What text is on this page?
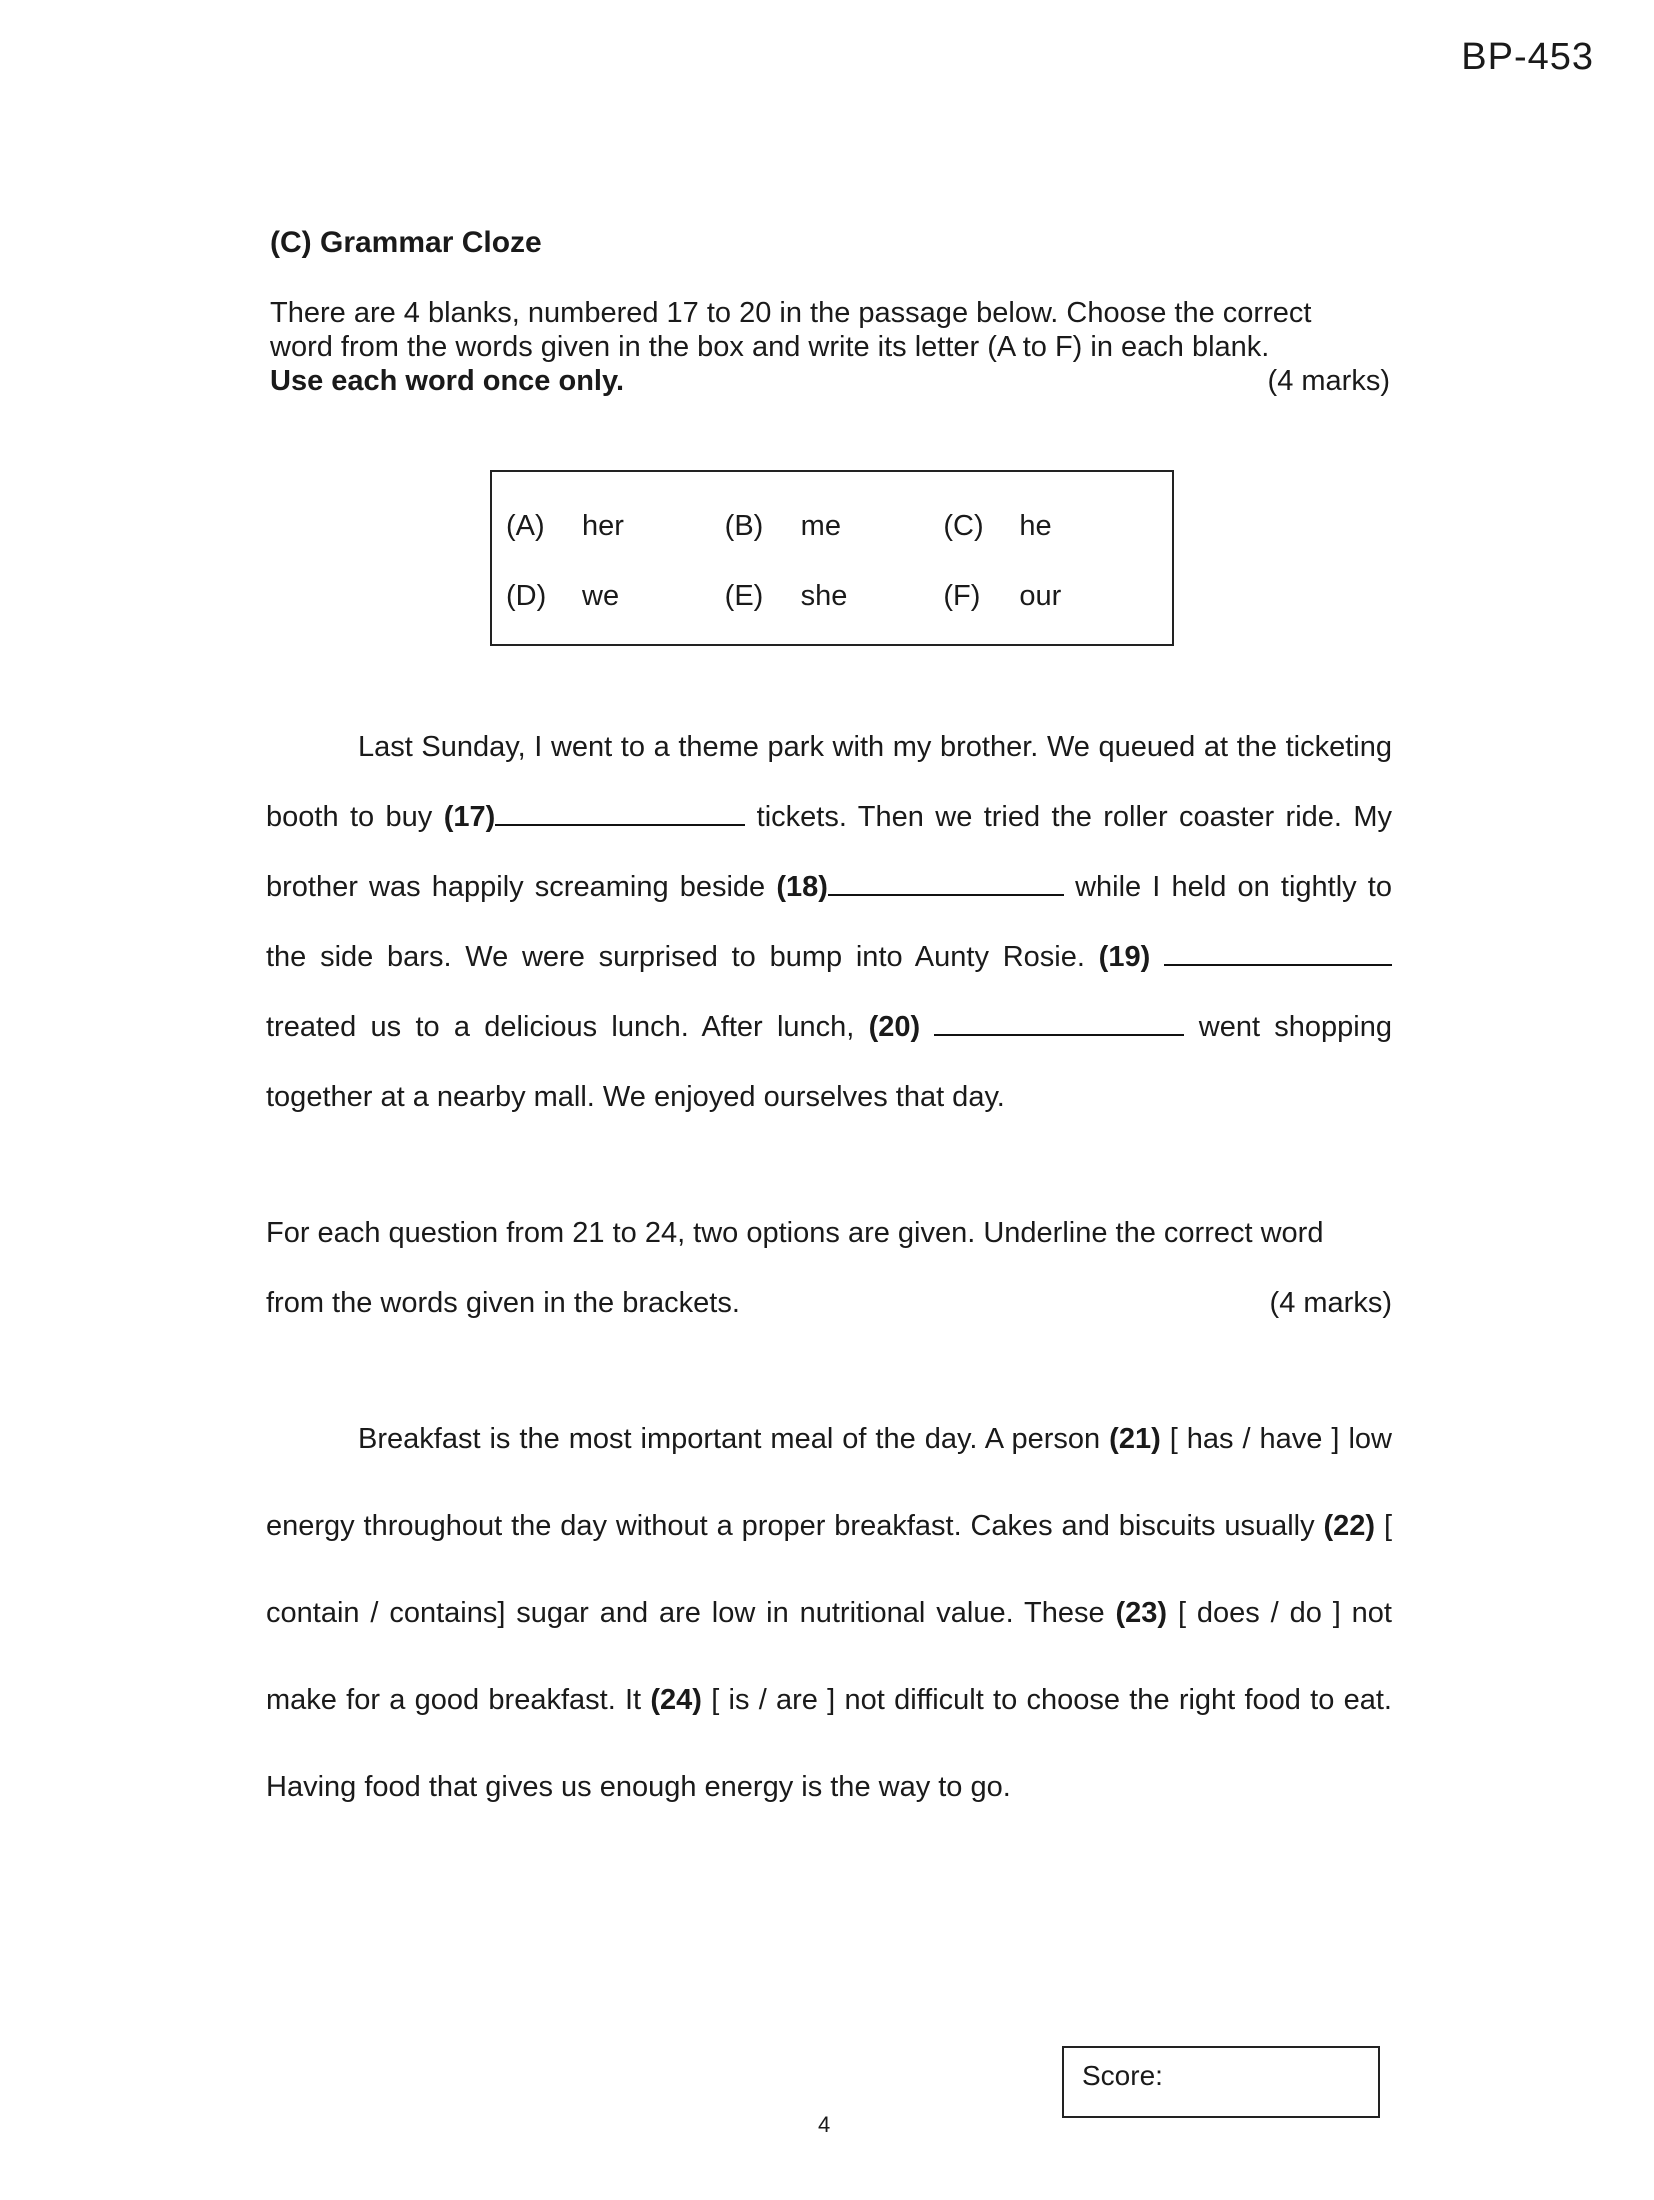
BP-453
(C) Grammar Cloze
There are 4 blanks, numbered 17 to 20 in the passage below. Choose the correct
word from the words given in the box and write its letter (A to F) in each blank.
Use each word once only.	(4 marks)
(A)	her	(B)	me	(C)	he
(D)	we	(E)	she	(F)	our
Last Sunday, I went to a theme park with my brother. We queued at the ticketing booth to buy (17)	tickets. Then we tried the roller coaster ride. My brother was happily screaming beside (18)	while I held on tightly to the side bars. We were surprised to bump into Aunty Rosie. (19)  treated us to a delicious lunch. After lunch, (20)	went shopping together at a nearby mall. We enjoyed ourselves that day.
For each question from 21 to 24, two options are given. Underline the correct word
from the words given in the brackets.	(4 marks)
Breakfast is the most important meal of the day. A person (21) [ has / have ] low energy throughout the day without a proper breakfast. Cakes and biscuits usually (22) [ contain / contains] sugar and are low in nutritional value. These (23) [ does / do ] not make for a good breakfast. It (24) [ is / are ] not difficult to choose the right food to eat. Having food that gives us enough energy is the way to go.
Score:
4
